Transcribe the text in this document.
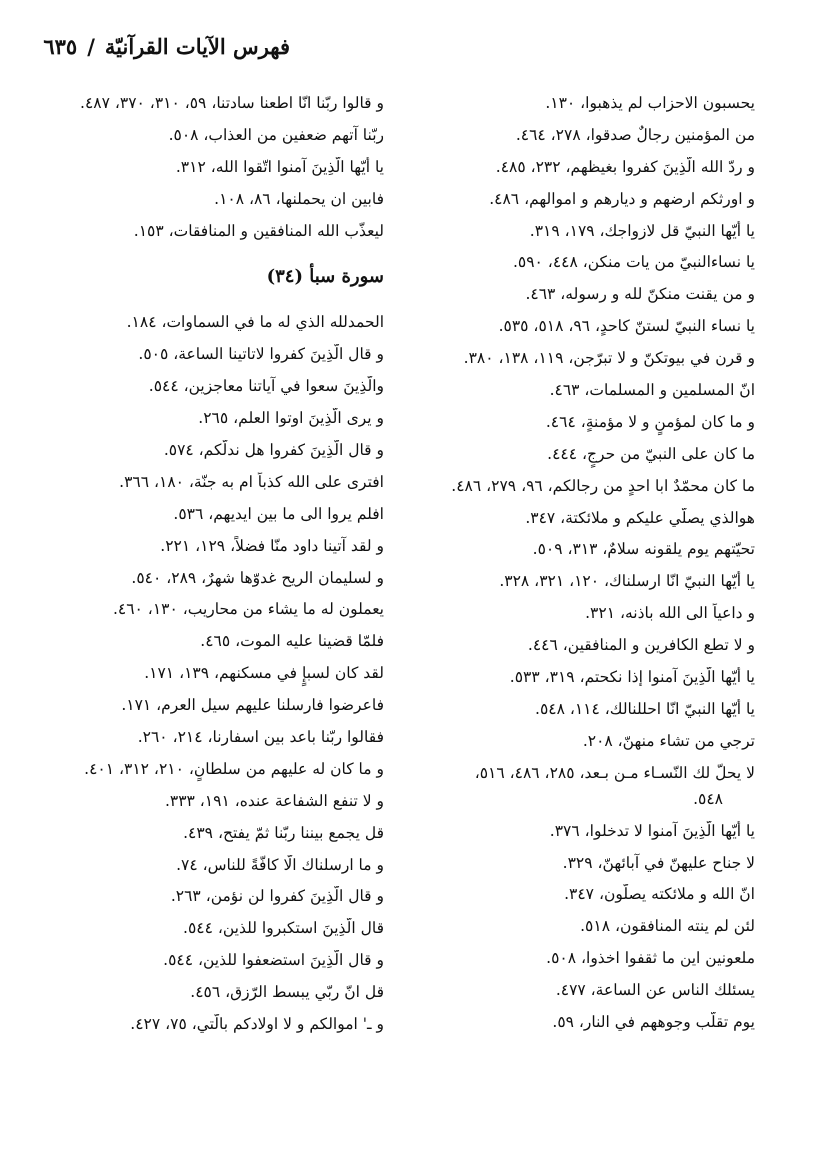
فهرس الآيات القرآنيّة/٦٣٥
يحسبون الاحزاب لم يذهبوا، ١٣٠.
من المؤمنين رجالٌ صدقوا، ٢٧٨، ٤٦٤.
و ردّ الله الَّذِينَ كفروا بغيظهم، ٢٣٢، ٤٨٥.
و اورثكم ارضهم و ديارهم و اموالهم، ٤٨٦.
يا أيّها النبيّ قل لازواجك، ١٧٩، ٣١٩.
يا نساءالنبيّ من يات منكن، ٤٤٨، ٥٩٠.
و من يقنت منكنّ لله و رسوله، ٤٦٣.
يا نساء النبيّ لستنّ كاحدٍ، ٩٦، ٥١٨، ٥٣٥.
و قرن في بيوتكنّ و لا تبرّجن، ١١٩، ١٣٨، ٣٨٠.
انّ المسلمين و المسلمات، ٤٦٣.
و ما كان لمؤمنٍ و لا مؤمنةٍ، ٤٦٤.
ما كان على النبيّ من حرجٍ، ٤٤٤.
ما كان محمّدٌ ابا احدٍ من رجالكم، ٩٦، ٢٧٩، ٤٨٦.
هوالذي يصلّي عليكم و ملائكتة، ٣٤٧.
تحيّتهم يوم يلقونه سلامٌ، ٣١٣، ٥٠٩.
يا أيّها النبيّ انّا ارسلناك، ١٢٠، ٣٢١، ٣٢٨.
و داعياً الى الله باذنه، ٣٢١.
و لا تطع الكافرين و المنافقين، ٤٤٦.
يا أيّها الَّذِينَ آمنوا إذا نكحتم، ٣١٩، ٥٣٣.
يا أيّها النبيّ انّا احللنالك، ١١٤، ٥٤٨.
ترجي من تشاء منهنّ، ٢٠٨.
لا يحلّ لك النّسـاء مـن بـعد، ٢٨٥، ٤٨٦، ٥١٦،
٥٤٨.
يا أيّها الَّذِينَ آمنوا لا تدخلوا، ٣٧٦.
لا جناح عليهنّ في آبائهنّ، ٣٢٩.
انّ الله و ملائكته يصلّون، ٣٤٧.
لئن لم ينته المنافقون، ٥١٨.
ملعونين اين ما ثقفوا اخذوا، ٥٠٨.
يسئلك الناس عن الساعة، ٤٧٧.
يوم تقلّب وجوههم في النار، ٥٩.
و قالوا ربّنا انّا اطعنا سادتنا، ٥٩، ٣١٠، ٣٧٠، ٤٨٧.
ربّنا آتهم ضعفين من العذاب، ٥٠٨.
يا أيّها الَّذِينَ آمنوا اتّقوا الله، ٣١٢.
فابين ان يحملنها، ٨٦، ١٠٨.
ليعذّب الله المنافقين و المنافقات، ١٥٣.
سورة سبأ (٣٤)
الحمدلله الذي له ما في السماوات، ١٨٤.
و قال الَّذِينَ كفروا لاتاتينا الساعة، ٥٠٥.
والَّذِينَ سعوا في آياتنا معاجزين، ٥٤٤.
و يرى الَّذِينَ اوتوا العلم، ٢٦٥.
و قال الَّذِينَ كفروا هل ندلّكم، ٥٧٤.
افترى على الله كذباً ام به جنّة، ١٨٠، ٣٦٦.
افلم يروا الى ما بين ايديهم، ٥٣٦.
و لقد آتينا داود منّا فضلاً، ١٢٩، ٢٢١.
و لسليمان الريح غدوّها شهرٌ، ٢٨٩، ٥٤٠.
يعملون له ما يشاء من محاريب، ١٣٠، ٤٦٠.
فلمّا قضينا عليه الموت، ٤٦٥.
لقد كان لسبإٍ في مسكنهم، ١٣٩، ١٧١.
فاعرضوا فارسلنا عليهم سيل العرم، ١٧١.
فقالوا ربّنا باعد بين اسفارنا، ٢١٤، ٢٦٠.
و ما كان له عليهم من سلطانٍ، ٢١٠، ٣١٢، ٤٠١.
و لا تنفع الشفاعة عنده، ١٩١، ٣٣٣.
قل يجمع بيننا ربّنا ثمّ يفتح، ٤٣٩.
و ما ارسلناك الّا كافّةً للناس، ٧٤.
و قال الَّذِينَ كفروا لن نؤمن، ٢٦٣.
قال الَّذِينَ استكبروا للذين، ٥٤٤.
و قال الَّذِينَ استضعفوا للذين، ٥٤٤.
قل انّ ربّي يبسط الرّزق، ٤٥٦.
و ـ' اموالكم و لا اولادكم بالّتي، ٧٥، ٤٢٧.
